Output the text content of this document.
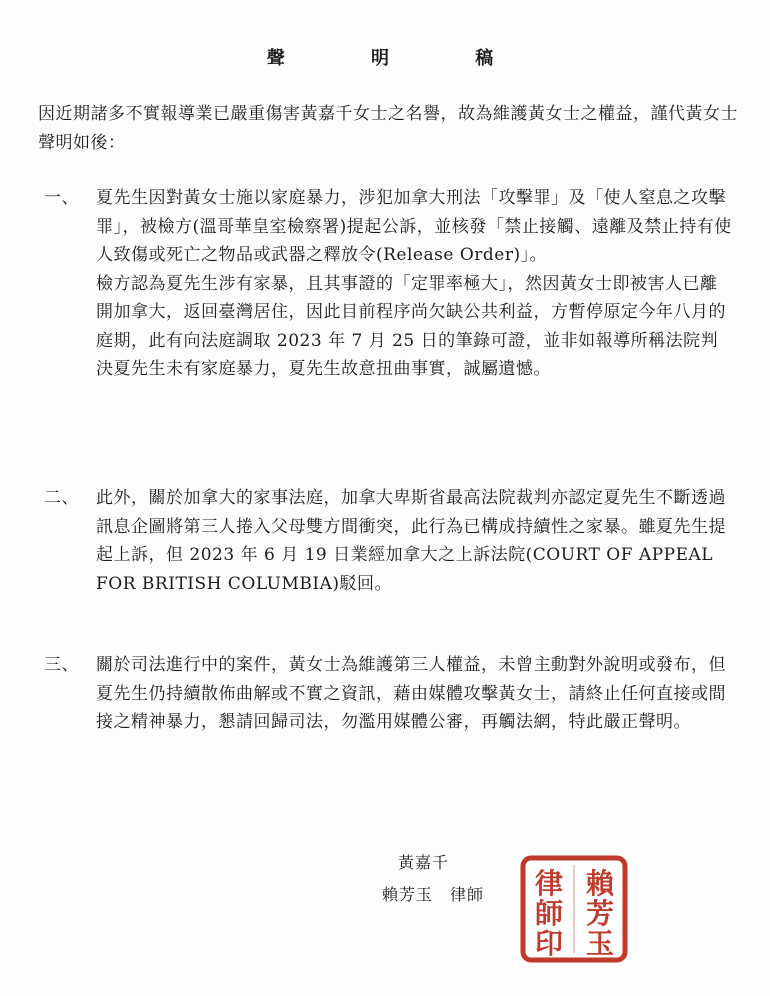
聲 明 稿
因近期諸多不實報導業已嚴重傷害黃嘉千女士之名譽，故為維護黃女士之權益，謹代黃女士聲明如後：
一、	夏先生因對黃女士施以家庭暴力，涉犯加拿大刑法「攻擊罪」及「使人窒息之攻擊罪」，被檢方(溫哥華皇室檢察署)提起公訴，並核發「禁止接觸、遠離及禁止持有使人致傷或死亡之物品或武器之釋放令(Release Order)」。

檢方認為夏先生涉有家暴，且其事證的「定罪率極大」，然因黃女士即被害人已離開加拿大，返回臺灣居住，因此目前程序尚欠缺公共利益，方暫停原定今年八月的庭期，此有向法庭調取 2023 年 7 月 25 日的筆錄可證，並非如報導所稱法院判決夏先生未有家庭暴力，夏先生故意扭曲事實，誠屬遺憾。

二、	此外，關於加拿大的家事法庭，加拿大卑斯省最高法院裁判亦認定夏先生不斷透過訊息企圖將第三人捲入父母雙方間衝突，此行為已構成持續性之家暴。雖夏先生提起上訴，但 2023 年 6 月 19 日業經加拿大之上訴法院(COURT OF APPEAL FOR BRITISH COLUMBIA)駁回。

三、	關於司法進行中的案件，黃女士為維護第三人權益，未曾主動對外說明或發布，但夏先生仍持續散佈曲解或不實之資訊，藉由媒體攻擊黃女士，請終止任何直接或間接之精神暴力，懇請回歸司法，勿濫用媒體公審，再觸法網，特此嚴正聲明。

黃嘉千
賴芳玉　律師	賴
芳
玉
律
師
印
